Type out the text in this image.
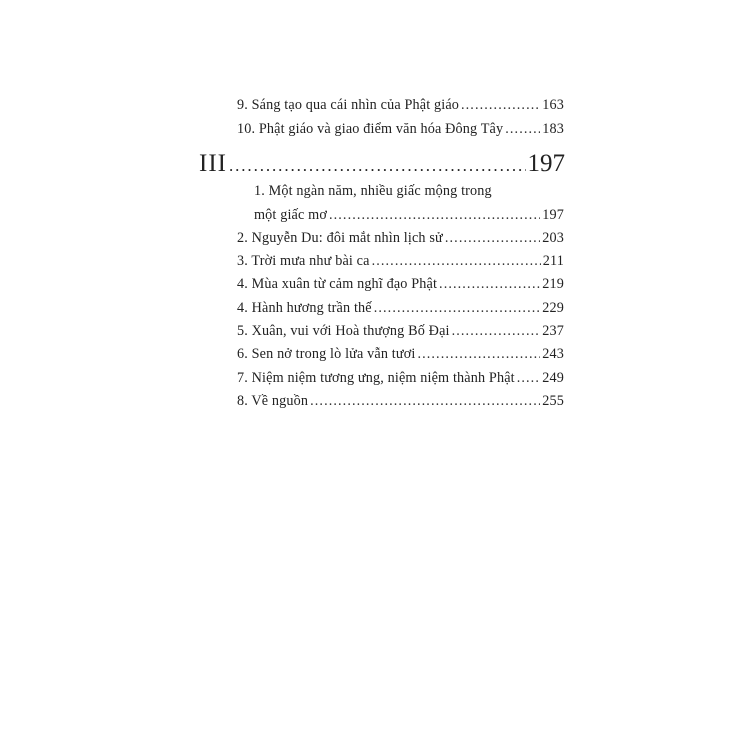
9. Sáng tạo qua cái nhìn của Phật giáo .....	163
10. Phật giáo và giao điểm văn hóa Đông Tây .....	183
III .....	197
1. Một ngàn năm, nhiều giấc mộng trong
một giấc mơ .....	197
2. Nguyễn Du: đôi mắt nhìn lịch sử .....	203
3. Trời mưa như bài ca .....	211
4. Mùa xuân từ cảm nghĩ đạo Phật .....	219
4. Hành hương trần thế .....	229
5. Xuân, vui với Hoà thượng Bố Đại .....	237
6. Sen nở trong lò lửa vẫn tươi .....	243
7. Niệm niệm tương ưng, niệm niệm thành Phật ..... 249
8. Về nguồn .....	255
